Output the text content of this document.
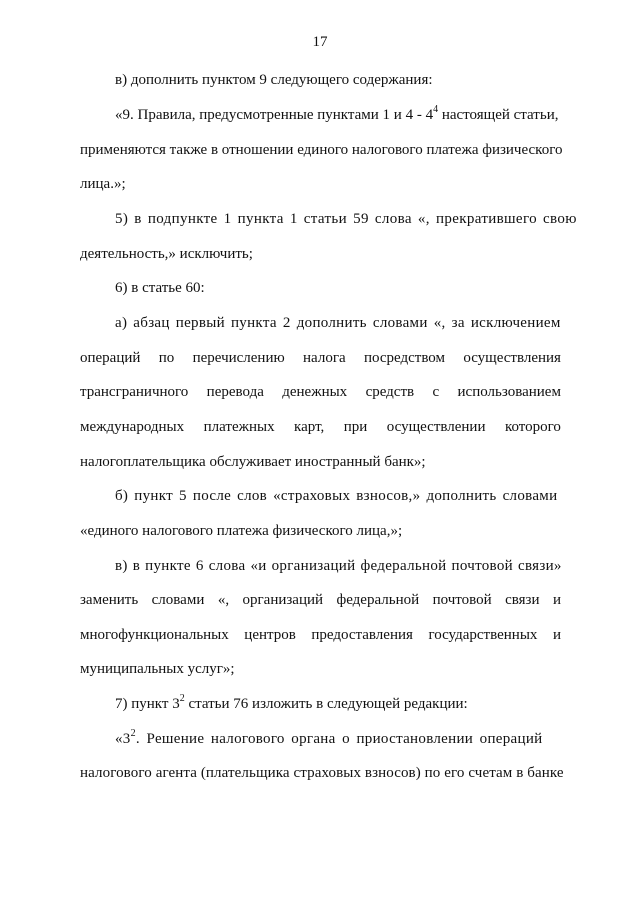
17
в) дополнить пунктом 9 следующего содержания:
«9. Правила, предусмотренные пунктами 1 и $4 - 4^4$ настоящей статьи,
применяются также в отношении единого налогового платежа физического
лица.»;
5) в подпункте 1 пункта 1 статьи 59 слова «, прекратившего свою
деятельность,» исключить;
6) в статье 60:
а) абзац первый пункта 2 дополнить словами «, за исключением
операций по перечислению налога посредством осуществления
трансграничного перевода денежных средств с использованием
международных платежных карт, при осуществлении которого
налогоплательщика обслуживает иностранный банк»;
б) пункт 5 после слов «страховых взносов,» дополнить словами
«единого налогового платежа физического лица,»;
в) в пункте 6 слова «и организаций федеральной почтовой связи»
заменить словами «, организаций федеральной почтовой связи и
многофункциональных центров предоставления государственных и
муниципальных услуг»;
7) пункт $3^2$ статьи 76 изложить в следующей редакции:
«$3^2$. Решение налогового органа о приостановлении операций
налогового агента (плательщика страховых взносов) по его счетам в банке
